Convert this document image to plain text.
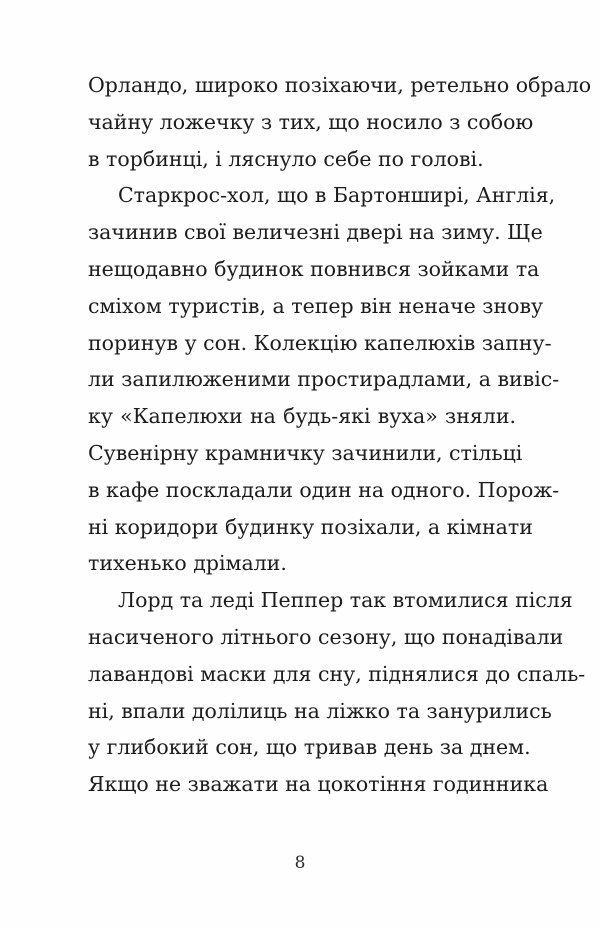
Орландо, широко позіхаючи, ретельно обрало
чайну ложечку з тих, що носило з собою
в торбинці, і ляснуло себе по голові.
Старкрос-хол, що в Бартонширі, Англія,
зачинив свої величезні двері на зиму. Ще
нещодавно будинок повнився зойками та
сміхом туристів, а тепер він неначе знову
поринув у сон. Колекцію капелюхів запну-
ли запилюженими простирадлами, а вивіс-
ку «Капелюхи на будь-які вуха» зняли.
Сувенірну крамничку зачинили, стільці
в кафе поскладали один на одного. Порож-
ні коридори будинку позіхали, а кімнати
тихенько дрімали.
Лорд та леді Пеппер так втомилися після
насиченого літнього сезону, що понадівали
лавандові маски для сну, піднялися до спаль-
ні, впали долілиць на ліжко та занурились
у глибокий сон, що тривав день за днем.
Якщо не зважати на цокотіння годинника
8
